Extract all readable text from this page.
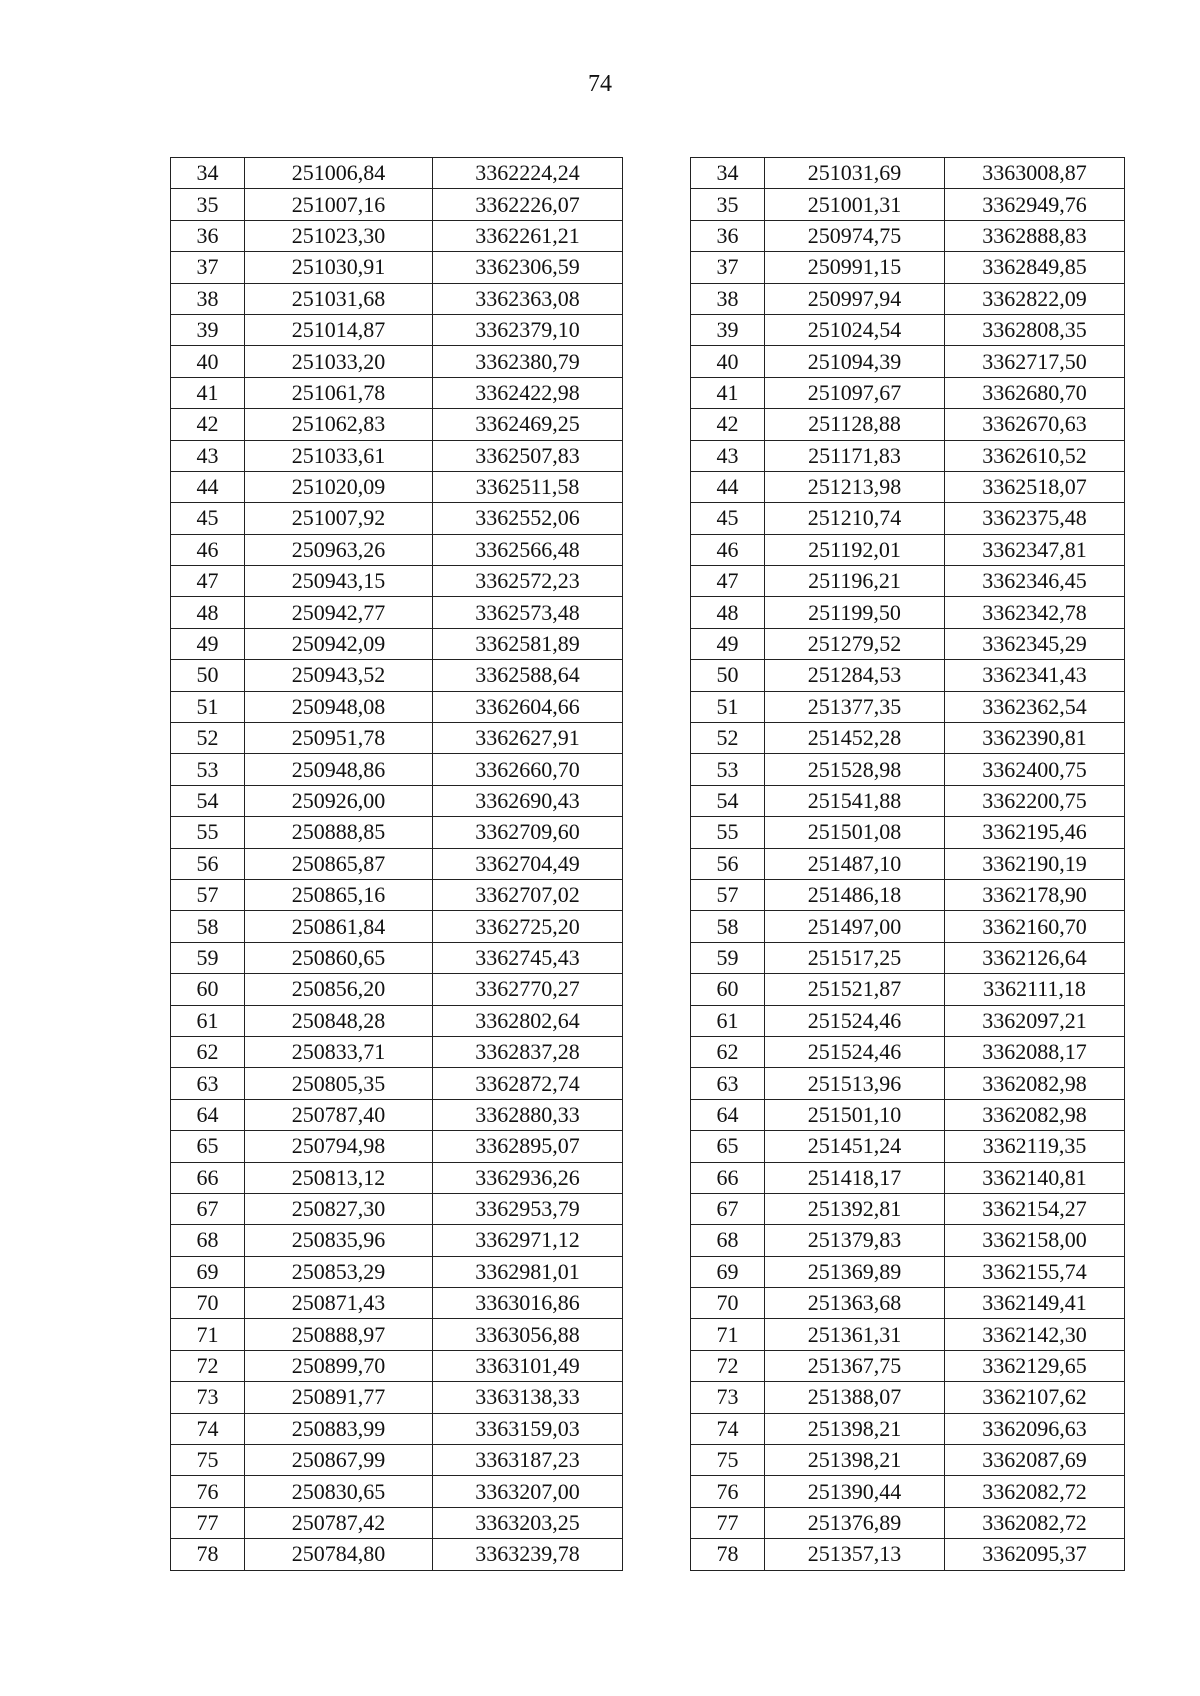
74
34	251006,84	3362224,24
35	251007,16	3362226,07
36	251023,30	3362261,21
37	251030,91	3362306,59
38	251031,68	3362363,08
39	251014,87	3362379,10
40	251033,20	3362380,79
41	251061,78	3362422,98
42	251062,83	3362469,25
43	251033,61	3362507,83
44	251020,09	3362511,58
45	251007,92	3362552,06
46	250963,26	3362566,48
47	250943,15	3362572,23
48	250942,77	3362573,48
49	250942,09	3362581,89
50	250943,52	3362588,64
51	250948,08	3362604,66
52	250951,78	3362627,91
53	250948,86	3362660,70
54	250926,00	3362690,43
55	250888,85	3362709,60
56	250865,87	3362704,49
57	250865,16	3362707,02
58	250861,84	3362725,20
59	250860,65	3362745,43
60	250856,20	3362770,27
61	250848,28	3362802,64
62	250833,71	3362837,28
63	250805,35	3362872,74
64	250787,40	3362880,33
65	250794,98	3362895,07
66	250813,12	3362936,26
67	250827,30	3362953,79
68	250835,96	3362971,12
69	250853,29	3362981,01
70	250871,43	3363016,86
71	250888,97	3363056,88
72	250899,70	3363101,49
73	250891,77	3363138,33
74	250883,99	3363159,03
75	250867,99	3363187,23
76	250830,65	3363207,00
77	250787,42	3363203,25
78	250784,80	3363239,78
34	251031,69	3363008,87
35	251001,31	3362949,76
36	250974,75	3362888,83
37	250991,15	3362849,85
38	250997,94	3362822,09
39	251024,54	3362808,35
40	251094,39	3362717,50
41	251097,67	3362680,70
42	251128,88	3362670,63
43	251171,83	3362610,52
44	251213,98	3362518,07
45	251210,74	3362375,48
46	251192,01	3362347,81
47	251196,21	3362346,45
48	251199,50	3362342,78
49	251279,52	3362345,29
50	251284,53	3362341,43
51	251377,35	3362362,54
52	251452,28	3362390,81
53	251528,98	3362400,75
54	251541,88	3362200,75
55	251501,08	3362195,46
56	251487,10	3362190,19
57	251486,18	3362178,90
58	251497,00	3362160,70
59	251517,25	3362126,64
60	251521,87	3362111,18
61	251524,46	3362097,21
62	251524,46	3362088,17
63	251513,96	3362082,98
64	251501,10	3362082,98
65	251451,24	3362119,35
66	251418,17	3362140,81
67	251392,81	3362154,27
68	251379,83	3362158,00
69	251369,89	3362155,74
70	251363,68	3362149,41
71	251361,31	3362142,30
72	251367,75	3362129,65
73	251388,07	3362107,62
74	251398,21	3362096,63
75	251398,21	3362087,69
76	251390,44	3362082,72
77	251376,89	3362082,72
78	251357,13	3362095,37
